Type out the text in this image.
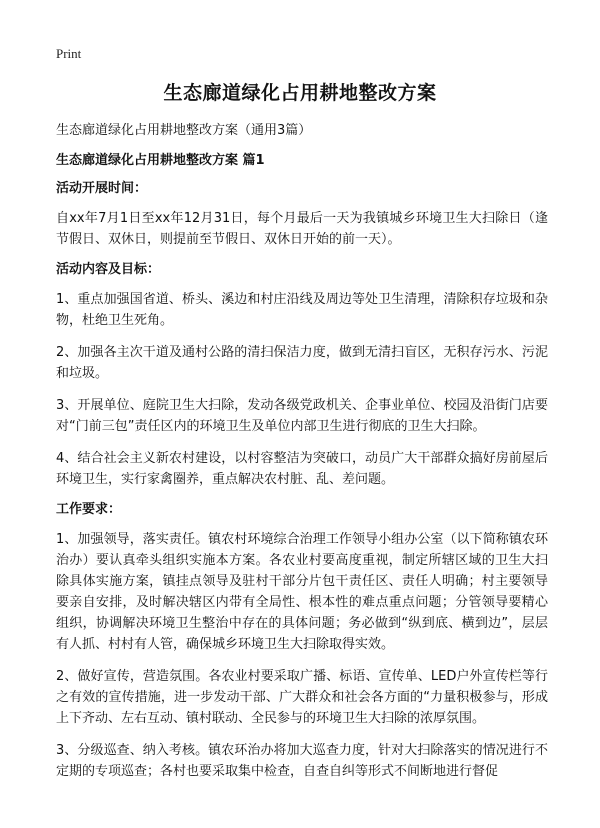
Print
生态廊道绿化占用耕地整改方案
生态廊道绿化占用耕地整改方案（通用3篇）
生态廊道绿化占用耕地整改方案 篇1
活动开展时间：
自xx年7月1日至xx年12月31日，每个月最后一天为我镇城乡环境卫生大扫除日（逢节假日、双休日，则提前至节假日、双休日开始的前一天）。
活动内容及目标：
1、重点加强国省道、桥头、溪边和村庄沿线及周边等处卫生清理，清除积存垃圾和杂物，杜绝卫生死角。
2、加强各主次干道及通村公路的清扫保洁力度，做到无清扫盲区，无积存污水、污泥和垃圾。
3、开展单位、庭院卫生大扫除，发动各级党政机关、企事业单位、校园及沿街门店要对“门前三包”责任区内的环境卫生及单位内部卫生进行彻底的卫生大扫除。
4、结合社会主义新农村建设，以村容整洁为突破口，动员广大干部群众搞好房前屋后环境卫生，实行家禽圈养，重点解决农村脏、乱、差问题。
工作要求：
1、加强领导，落实责任。镇农村环境综合治理工作领导小组办公室（以下简称镇农环治办）要认真牵头组织实施本方案。各农业村要高度重视，制定所辖区域的卫生大扫除具体实施方案，镇挂点领导及驻村干部分片包干责任区、责任人明确；村主要领导要亲自安排，及时解决辖区内带有全局性、根本性的难点重点问题；分管领导要精心组织，协调解决环境卫生整治中存在的具体问题；务必做到“纵到底、横到边”，层层有人抓、村村有人管，确保城乡环境卫生大扫除取得实效。
2、做好宣传，营造氛围。各农业村要采取广播、标语、宣传单、LED户外宣传栏等行之有效的宣传措施，进一步发动干部、广大群众和社会各方面的“力量积极参与，形成上下齐动、左右互动、镇村联动、全民参与的环境卫生大扫除的浓厚氛围。
3、分级巡查、纳入考核。镇农环治办将加大巡查力度，针对大扫除落实的情况进行不定期的专项巡查；各村也要采取集中检查，自查自纠等形式不间断地进行督促
